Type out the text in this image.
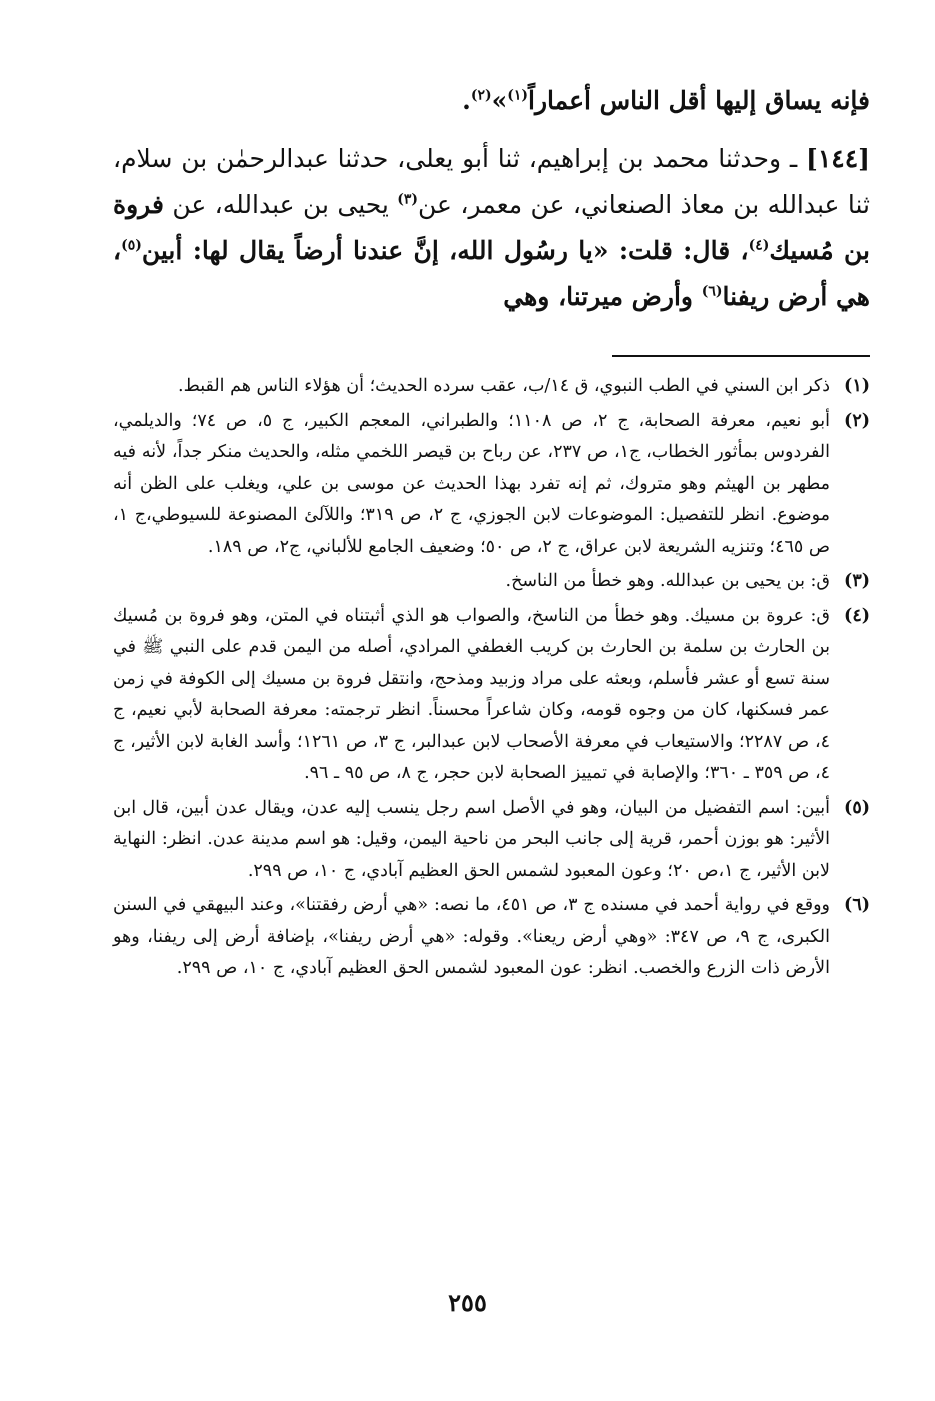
فإنه يساق إليها أقل الناس أعماراً$^{(١)}$»$^{(٢)}$.

[١٤٤] ـ وحدثنا محمد بن إبراهيم، ثنا أبو يعلى، حدثنا عبدالرحمٰن بن سلام، ثنا عبدالله بن معاذ الصنعاني، عن معمر، عن$^{(٣)}$ يحيى بن عبدالله، عن فروة بن مُسيك$^{(٤)}$، قال: قلت: «يا رسُول الله، إنَّ عندنا أرضاً يقال لها: أبين$^{(٥)}$، هي أرض ريفنا$^{(٦)}$ وأرض ميرتنا، وهي

(١)
ذكر ابن السني في الطب النبوي، ق ١٤/ب، عقب سرده الحديث؛ أن هؤلاء الناس هم القبط.
(٢)
أبو نعيم، معرفة الصحابة، ج ٢، ص ١١٠٨؛ والطبراني، المعجم الكبير، ج ٥، ص ٧٤؛ والديلمي، الفردوس بمأثور الخطاب، ج١، ص ٢٣٧، عن رباح بن قيصر اللخمي مثله، والحديث منكر جداً، لأنه فيه مطهر بن الهيثم وهو متروك، ثم إنه تفرد بهذا الحديث عن موسى بن علي، ويغلب على الظن أنه موضوع. انظر للتفصيل: الموضوعات لابن الجوزي، ج ٢، ص ٣١٩؛ واللآلئ المصنوعة للسيوطي،ج ١، ص ٤٦٥؛ وتنزيه الشريعة لابن عراق، ج ٢، ص ٥٠؛ وضعيف الجامع للألباني، ج٢، ص ١٨٩.
(٣)
ق: بن يحيى بن عبدالله. وهو خطأ من الناسخ.
(٤)
ق: عروة بن مسيك. وهو خطأ من الناسخ، والصواب هو الذي أثبتناه في المتن، وهو فروة بن مُسيك بن الحارث بن سلمة بن الحارث بن كريب الغطفي المرادي، أصله من اليمن قدم على النبي ﷺ في سنة تسع أو عشر فأسلم، وبعثه على مراد وزبيد ومذحج، وانتقل فروة بن مسيك إلى الكوفة في زمن عمر فسكنها، كان من وجوه قومه، وكان شاعراً محسناً. انظر ترجمته: معرفة الصحابة لأبي نعيم، ج ٤، ص ٢٢٨٧؛ والاستيعاب في معرفة الأصحاب لابن عبدالبر، ج ٣، ص ١٢٦١؛ وأسد الغابة لابن الأثير، ج ٤، ص ٣٥٩ ـ ٣٦٠؛ والإصابة في تمييز الصحابة لابن حجر، ج ٨، ص ٩٥ ـ ٩٦.
(٥)
أبين: اسم التفضيل من البيان، وهو في الأصل اسم رجل ينسب إليه عدن، ويقال عدن أبين، قال ابن الأثير: هو بوزن أحمر، قرية إلى جانب البحر من ناحية اليمن، وقيل: هو اسم مدينة عدن. انظر: النهاية لابن الأثير، ج ١،ص ٢٠؛ وعون المعبود لشمس الحق العظيم آبادي، ج ١٠، ص ٢٩٩.
(٦)
ووقع في رواية أحمد في مسنده ج ٣، ص ٤٥١، ما نصه: «هي أرض رفقتنا»، وعند البيهقي في السنن الكبرى، ج ٩، ص ٣٤٧: «وهي أرض ريعنا». وقوله: «هي أرض ريفنا»، بإضافة أرض إلى ريفنا، وهو الأرض ذات الزرع والخصب. انظر: عون المعبود لشمس الحق العظيم آبادي، ج ١٠، ص ٢٩٩.
٢٥٥
